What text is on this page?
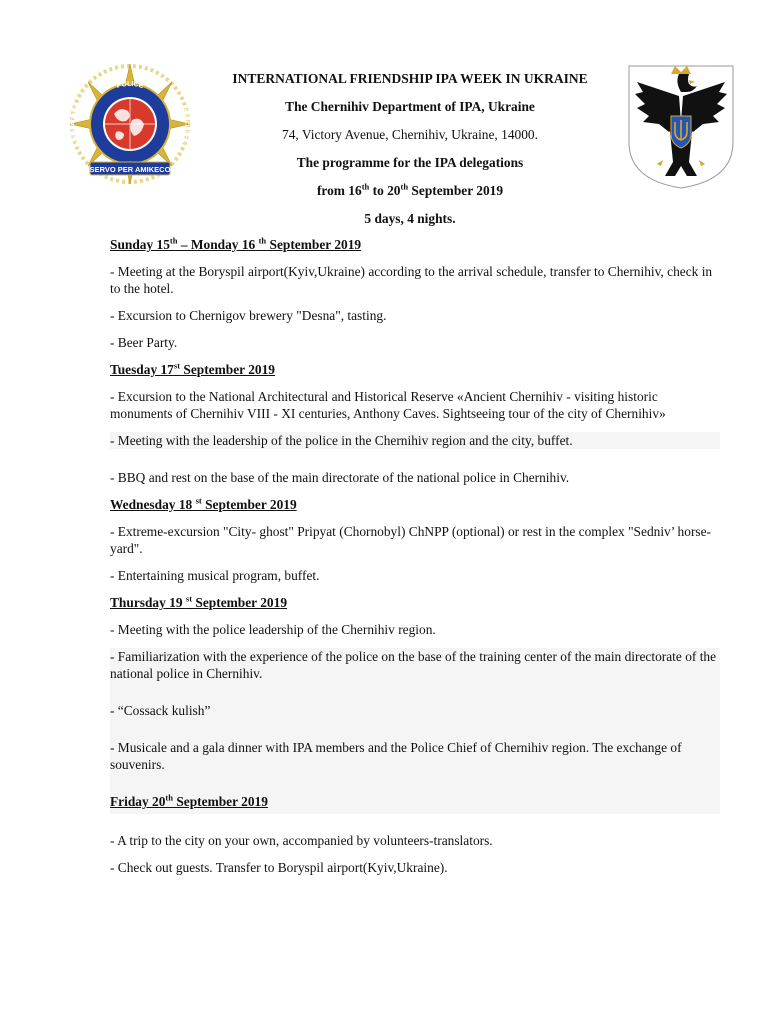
POLICE
INTERNATIONAL
ASSOCIATION
SERVO PER AMIKECO
INTERNATIONAL FRIENDSHIP IPA WEEK IN UKRAINE
The Chernihiv Department of IPA, Ukraine
74, Victory Avenue, Chernihiv, Ukraine, 14000.
The programme for the IPA delegations
from 16th to 20th September 2019
5 days, 4 nights.
Sunday 15th – Monday 16 $^{th}$ September 2019
- Meeting at the Boryspil airport(Kyiv,Ukraine) according to the arrival schedule, transfer to Chernihiv, check in to the hotel.
- Excursion to Chernigov brewery "Desna", tasting.
- Beer Party.
Tuesday 17st September 2019
- Excursion to the National Architectural and Historical Reserve «Ancient Chernihiv - visiting historic monuments of Chernihiv VIII - XI centuries, Anthony Caves. Sightseeing tour of the city of Chernihiv»
- Meeting with the leadership of the police in the Chernihiv region and the city, buffet.
- BBQ and rest on the base of the main directorate of the national police in Chernihiv.
Wednesday 18 $^{st}$ September 2019
- Extreme-excursion "City- ghost" Pripyat (Chornobyl) ChNPP (optional) or rest in the complex "Sedniv’ horse-yard".
- Entertaining musical program, buffet.
Thursday 19 $^{st}$ September 2019
- Meeting with the police leadership of the Chernihiv region.
- Familiarization with the experience of the police on the base of the training center of the main directorate of the national police in Chernihiv.
- “Cossack kulish”
- Musicale and a gala dinner with IPA members and the Police Chief of Chernihiv region. The exchange of souvenirs.
Friday 20th September 2019
- A trip to the city on your own, accompanied by volunteers-translators.
- Check out guests. Transfer to Boryspil airport(Kyiv,Ukraine).
